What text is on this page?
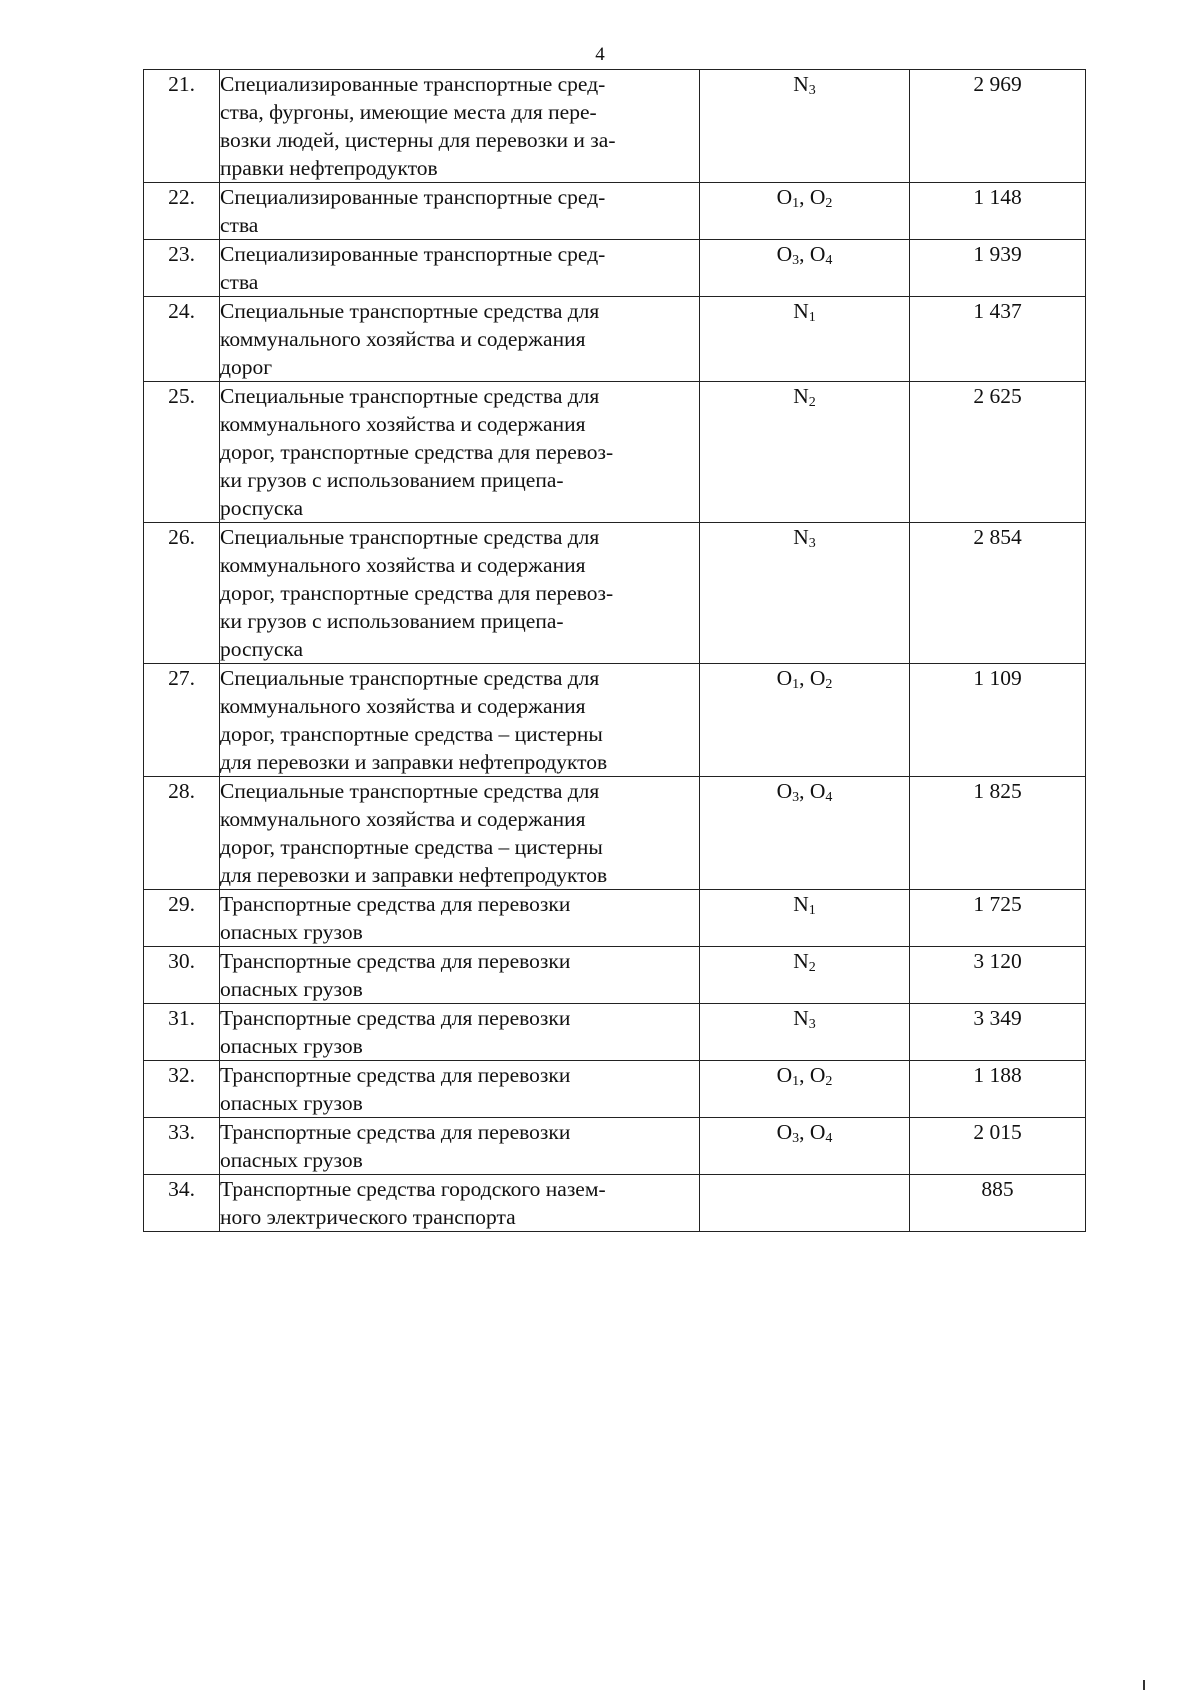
4
21.	Специализированные транспортные сред-
ства, фургоны, имеющие места для пере-
возки людей, цистерны для перевозки и за-
правки нефтепродуктов	$N_3$	2 969
22.	Специализированные транспортные сред-
ства	$O_1$, $O_2$	1 148
23.	Специализированные транспортные сред-
ства	$O_3$, $O_4$	1 939
24.	Специальные транспортные средства для
коммунального хозяйства и содержания
дорог	$N_1$	1 437
25.	Специальные транспортные средства для
коммунального хозяйства и содержания
дорог, транспортные средства для перевоз-
ки грузов с использованием прицепа-
роспуска	$N_2$	2 625
26.	Специальные транспортные средства для
коммунального хозяйства и содержания
дорог, транспортные средства для перевоз-
ки грузов с использованием прицепа-
роспуска	$N_3$	2 854
27.	Специальные транспортные средства для
коммунального хозяйства и содержания
дорог, транспортные средства – цистерны
для перевозки и заправки нефтепродуктов	$O_1$, $O_2$	1 109
28.	Специальные транспортные средства для
коммунального хозяйства и содержания
дорог, транспортные средства – цистерны
для перевозки и заправки нефтепродуктов	$O_3$, $O_4$	1 825
29.	Транспортные средства для перевозки
опасных грузов	$N_1$	1 725
30.	Транспортные средства для перевозки
опасных грузов	$N_2$	3 120
31.	Транспортные средства для перевозки
опасных грузов	$N_3$	3 349
32.	Транспортные средства для перевозки
опасных грузов	$O_1$, $O_2$	1 188
33.	Транспортные средства для перевозки
опасных грузов	$O_3$, $O_4$	2 015
34.	Транспортные средства городского назем-
ного электрического транспорта		885
